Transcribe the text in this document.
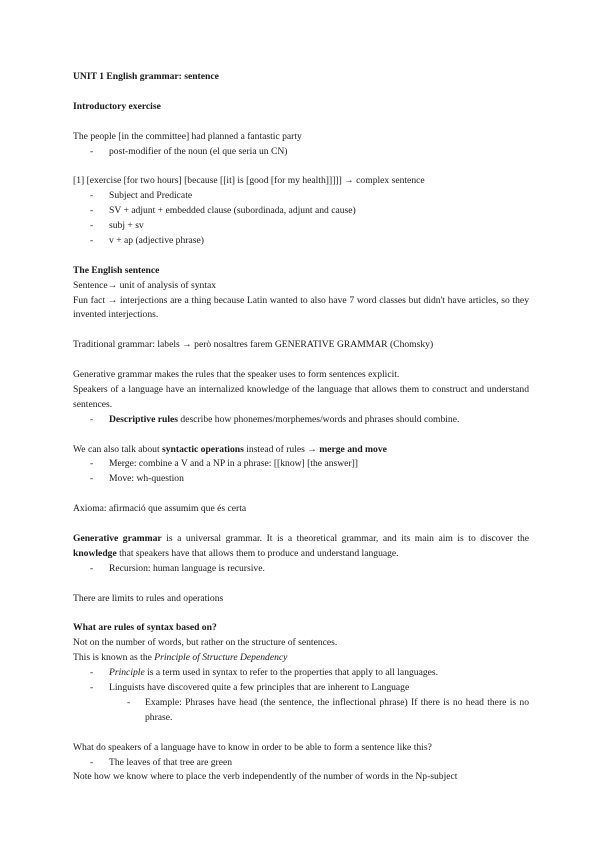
UNIT 1 English grammar: sentence

Introductory exercise

The people [in the committee] had planned a fantastic party

- post-modifier of the noun (el que seria un CN)

[1] [exercise [for two hours] [because [[it] is [good [for my health]]]]] → complex sentence

- Subject and Predicate
- SV + adjunt + embedded clause (subordinada, adjunt and cause)
- subj + sv
- v + ap (adjective phrase)

The English sentence

Sentence→ unit of analysis of syntax

Fun fact → interjections are a thing because Latin wanted to also have 7 word classes but didn't have articles, so they invented interjections.

Traditional grammar: labels → però nosaltres farem GENERATIVE GRAMMAR (Chomsky)

Generative grammar makes the rules that the speaker uses to form sentences explicit.

Speakers of a language have an internalized knowledge of the language that allows them to construct and understand sentences.

- Descriptive rules describe how phonemes/morphemes/words and phrases should combine.

We can also talk about syntactic operations instead of rules → merge and move

- Merge: combine a V and a NP in a phrase: [[know] [the answer]]
- Move: wh-question

Axioma: afirmació que assumim que és certa

Generative grammar is a universal grammar. It is a theoretical grammar, and its main aim is to discover the knowledge that speakers have that allows them to produce and understand language.

- Recursion: human language is recursive.

There are limits to rules and operations

What are rules of syntax based on?

Not on the number of words, but rather on the structure of sentences.

This is known as the Principle of Structure Dependency

- Principle is a term used in syntax to refer to the properties that apply to all languages.
- Linguists have discovered quite a few principles that are inherent to Language
- Example: Phrases have head (the sentence, the inflectional phrase) If there is no head there is no phrase.

What do speakers of a language have to know in order to be able to form a sentence like this?

- The leaves of that tree are green

Note how we know where to place the verb independently of the number of words in the Np-subject
